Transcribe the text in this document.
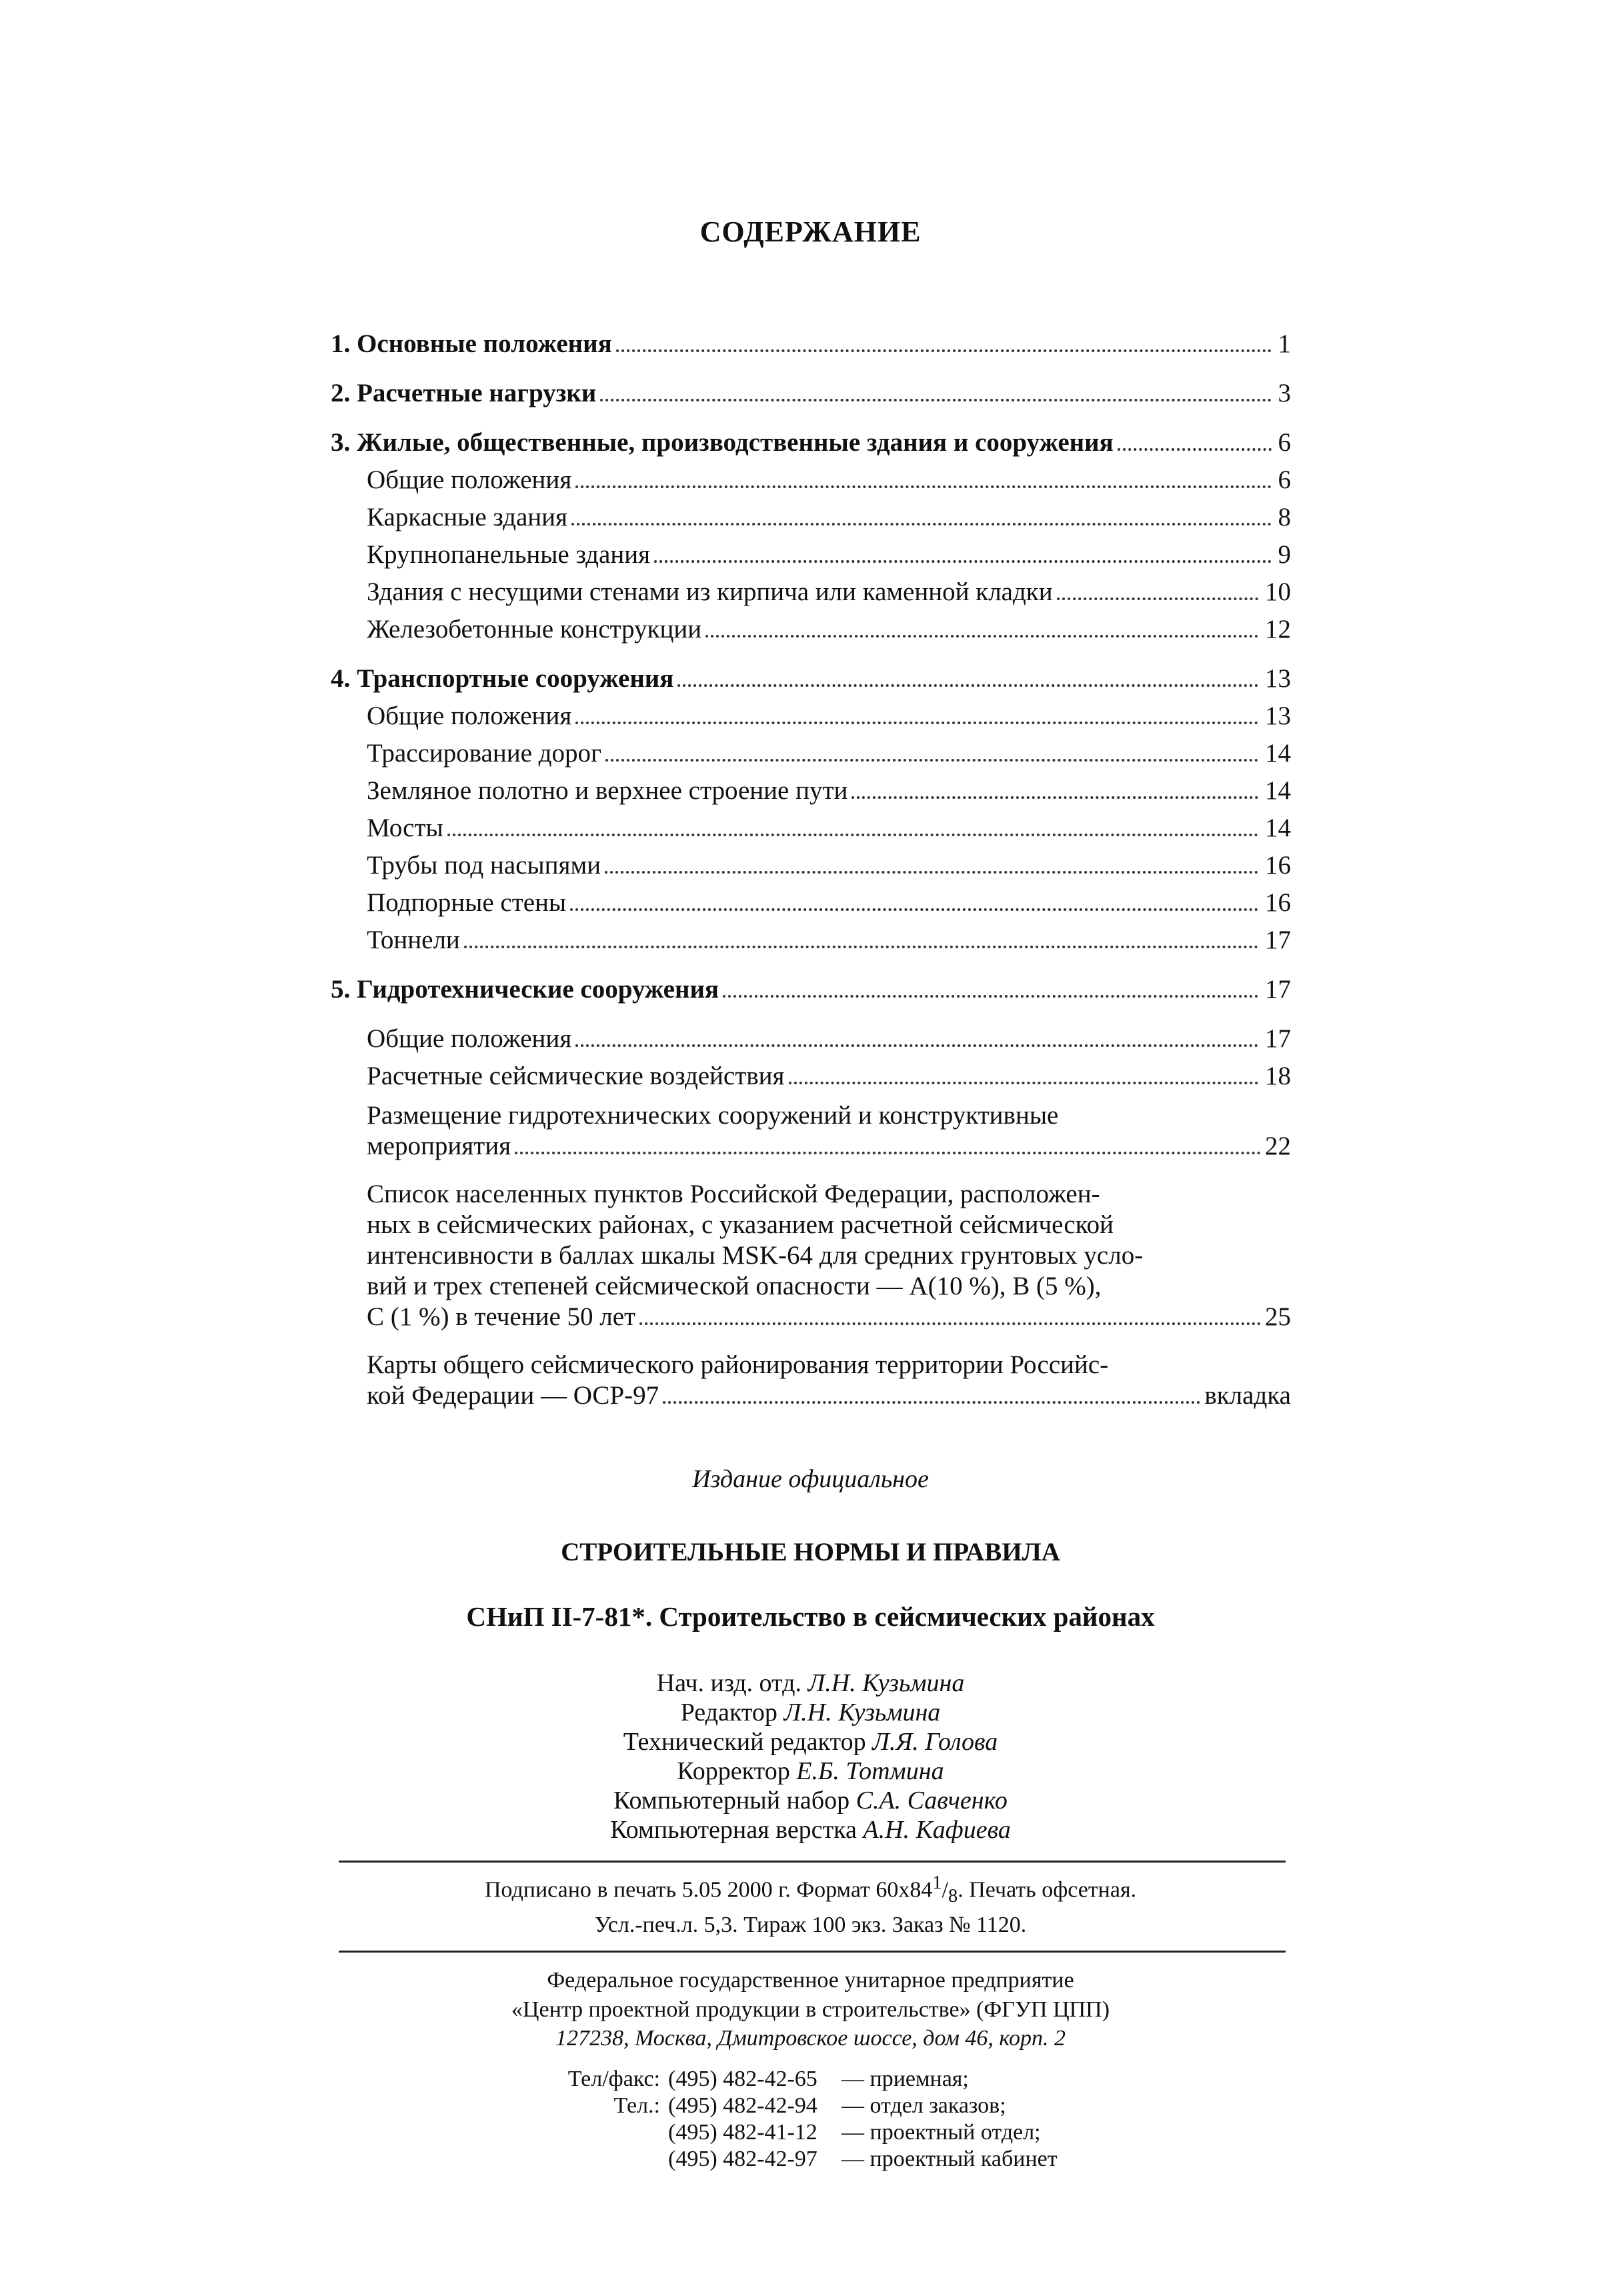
СОДЕРЖАНИЕ
1. Основные положения	1
2. Расчетные нагрузки	3
3. Жилые, общественные, производственные здания и сооружения	6
Общие положения	6
Каркасные здания	8
Крупнопанельные здания	9
Здания с несущими стенами из кирпича или каменной кладки	10
Железобетонные конструкции	12
4. Транспортные сооружения	13
Общие положения	13
Трассирование дорог	14
Земляное полотно и верхнее строение пути	14
Мосты	14
Трубы под насыпями	16
Подпорные стены	16
Тоннели	17
5. Гидротехнические сооружения	17
Общие положения	17
Расчетные сейсмические воздействия	18
Размещение гидротехнических сооружений и конструктивные
мероприятия	22
Список населенных пунктов Российской Федерации, расположен-
ных в сейсмических районах, с указанием расчетной сейсмической
интенсивности в баллах шкалы MSK-64 для средних грунтовых усло-
вий и трех степеней сейсмической опасности — A(10 %), B (5 %),
C (1 %) в течение 50 лет	25
Карты общего сейсмического районирования территории Российс-
кой Федерации — ОСР-97	вкладка
Издание официальное
СТРОИТЕЛЬНЫЕ НОРМЫ И ПРАВИЛА
СНиП II-7-81*. Строительство в сейсмических районах
Нач. изд. отд. Л.Н. Кузьмина
Редактор Л.Н. Кузьмина
Технический редактор Л.Я. Голова
Корректор Е.Б. Тотмина
Компьютерный набор С.А. Савченко
Компьютерная верстка А.Н. Кафиева
Подписано в печать 5.05 2000 г. Формат $60x84^1/_8$. Печать офсетная.
Усл.-печ.л. 5,3. Тираж 100 экз. Заказ № 1120.
Федеральное государственное унитарное предприятие
«Центр проектной продукции в строительстве» (ФГУП ЦПП)
127238, Москва, Дмитровское шоссе, дом 46, корп. 2
Тел/факс: (495) 482-42-65	— приемная;
Тел.: (495) 482-42-94	— отдел заказов;
(495) 482-41-12	— проектный отдел;
(495) 482-42-97	— проектный кабинет
